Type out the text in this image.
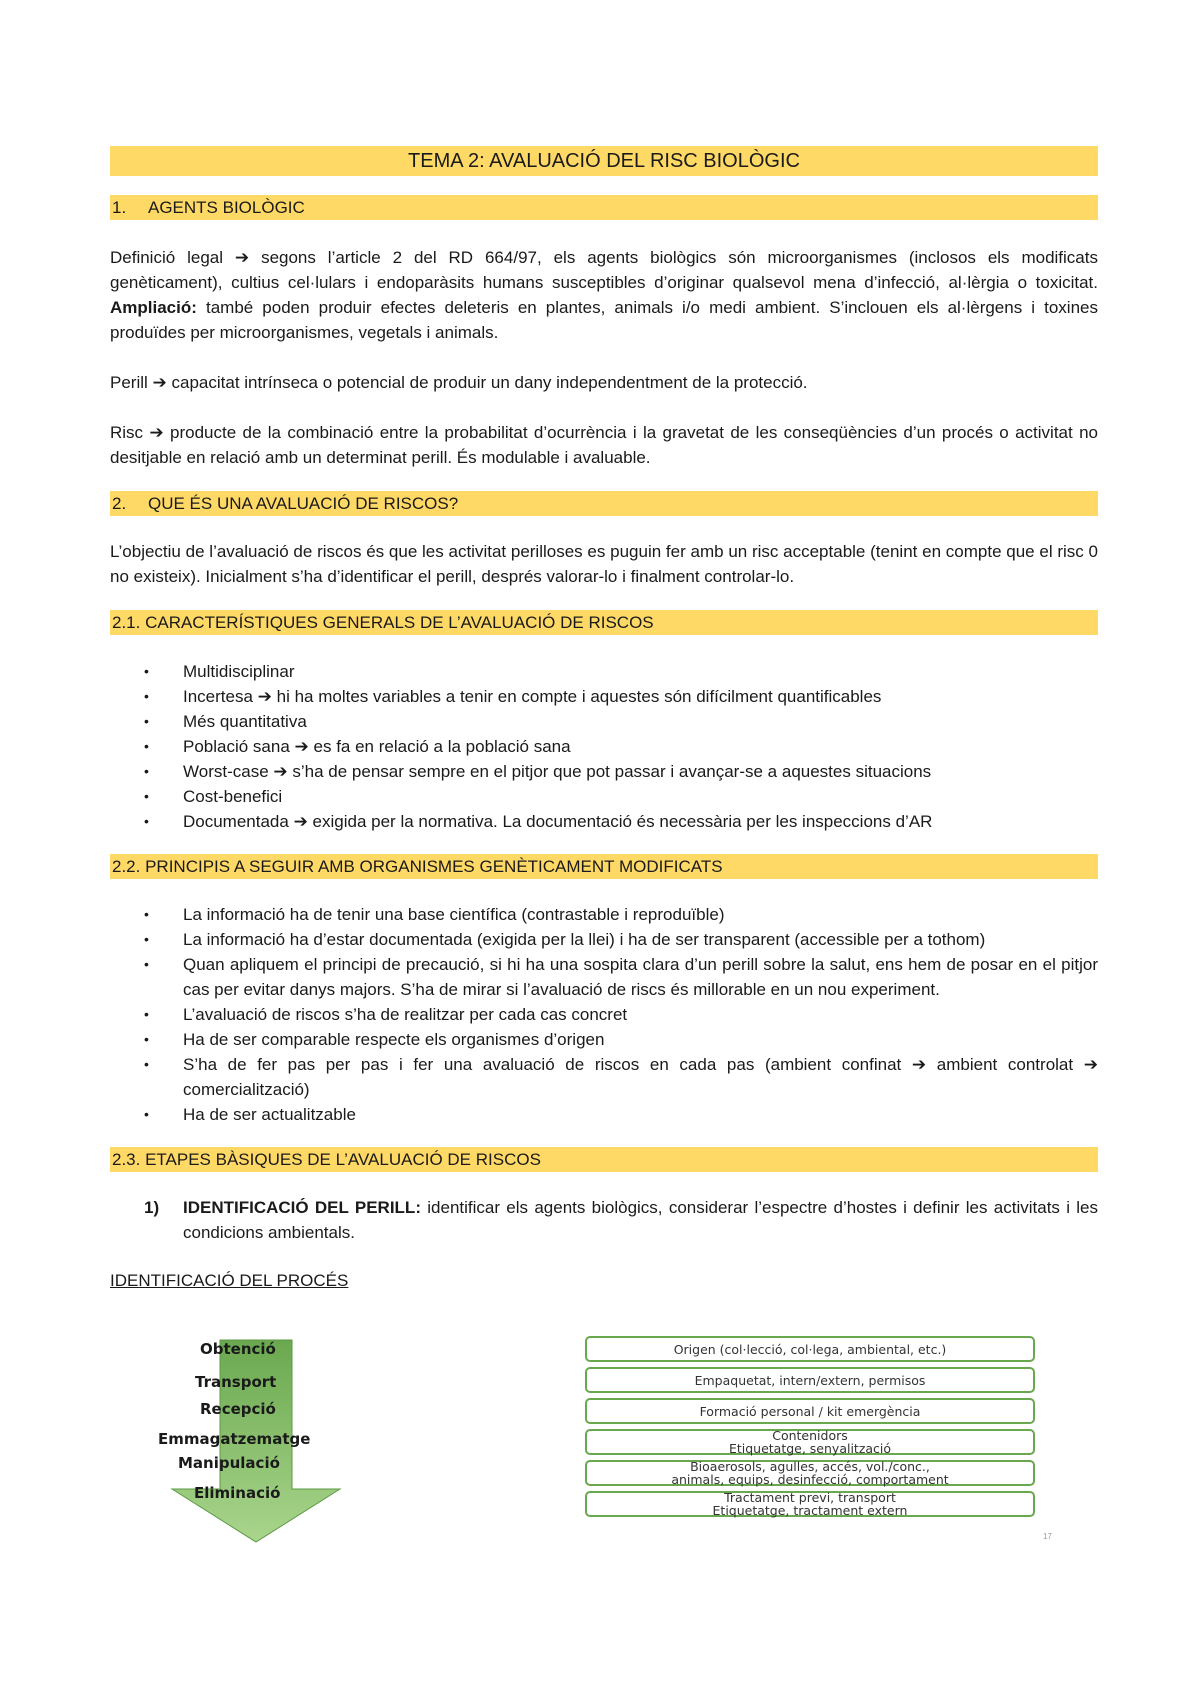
TEMA 2: AVALUACIÓ DEL RISC BIOLÒGIC
1. AGENTS BIOLÒGIC

Definició legal ➔ segons l’article 2 del RD 664/97, els agents biològics són microorganismes (inclosos els modificats genèticament), cultius cel·lulars i endoparàsits humans susceptibles d’originar qualsevol mena d’infecció, al·lèrgia o toxicitat. Ampliació: també poden produir efectes deleteris en plantes, animals i/o medi ambient. S’inclouen els al·lèrgens i toxines produïdes per microorganismes, vegetals i animals.

Perill ➔ capacitat intrínseca o potencial de produir un dany independentment de la protecció.

Risc ➔ producte de la combinació entre la probabilitat d’ocurrència i la gravetat de les conseqüències d’un procés o activitat no desitjable en relació amb un determinat perill. És modulable i avaluable.

2. QUE ÉS UNA AVALUACIÓ DE RISCOS?

L’objectiu de l’avaluació de riscos és que les activitat perilloses es puguin fer amb un risc acceptable (tenint en compte que el risc 0 no existeix). Inicialment s’ha d’identificar el perill, després valorar-lo i finalment controlar-lo.

2.1. CARACTERÍSTIQUES GENERALS DE L’AVALUACIÓ DE RISCOS
• Multidisciplinar
• Incertesa ➔ hi ha moltes variables a tenir en compte i aquestes són difícilment quantificables
• Més quantitativa
• Població sana ➔ es fa en relació a la població sana
• Worst-case ➔ s’ha de pensar sempre en el pitjor que pot passar i avançar-se a aquestes situacions
• Cost-benefici
• Documentada ➔ exigida per la normativa. La documentació és necessària per les inspeccions d’AR
2.2. PRINCIPIS A SEGUIR AMB ORGANISMES GENÈTICAMENT MODIFICATS
• La informació ha de tenir una base científica (contrastable i reproduïble)
• La informació ha d’estar documentada (exigida per la llei) i ha de ser transparent (accessible per a tothom)
• Quan apliquem el principi de precaució, si hi ha una sospita clara d’un perill sobre la salut, ens hem de posar en el pitjor cas per evitar danys majors. S’ha de mirar si l’avaluació de riscs és millorable en un nou experiment.
• L’avaluació de riscos s’ha de realitzar per cada cas concret
• Ha de ser comparable respecte els organismes d’origen
• S’ha de fer pas per pas i fer una avaluació de riscos en cada pas (ambient confinat ➔ ambient controlat ➔ comercialització)
• Ha de ser actualitzable
2.3. ETAPES BÀSIQUES DE L’AVALUACIÓ DE RISCOS
1) IDENTIFICACIÓ DEL PERILL: identificar els agents biològics, considerar l’espectre d’hostes i definir les activitats i les condicions ambientals.
IDENTIFICACIÓ DEL PROCÉS
Obtenció
Transport
Recepció
Emmagatzematge
Manipulació
Eliminació
Origen (col·lecció, col·lega, ambiental, etc.)
Empaquetat, intern/extern, permisos
Formació personal / kit emergència
Contenidors
Etiquetatge, senyalització
Bioaerosols, agulles, accés, vol./conc.,
animals, equips, desinfecció, comportament
Tractament previ, transport
Etiquetatge, tractament extern
17
